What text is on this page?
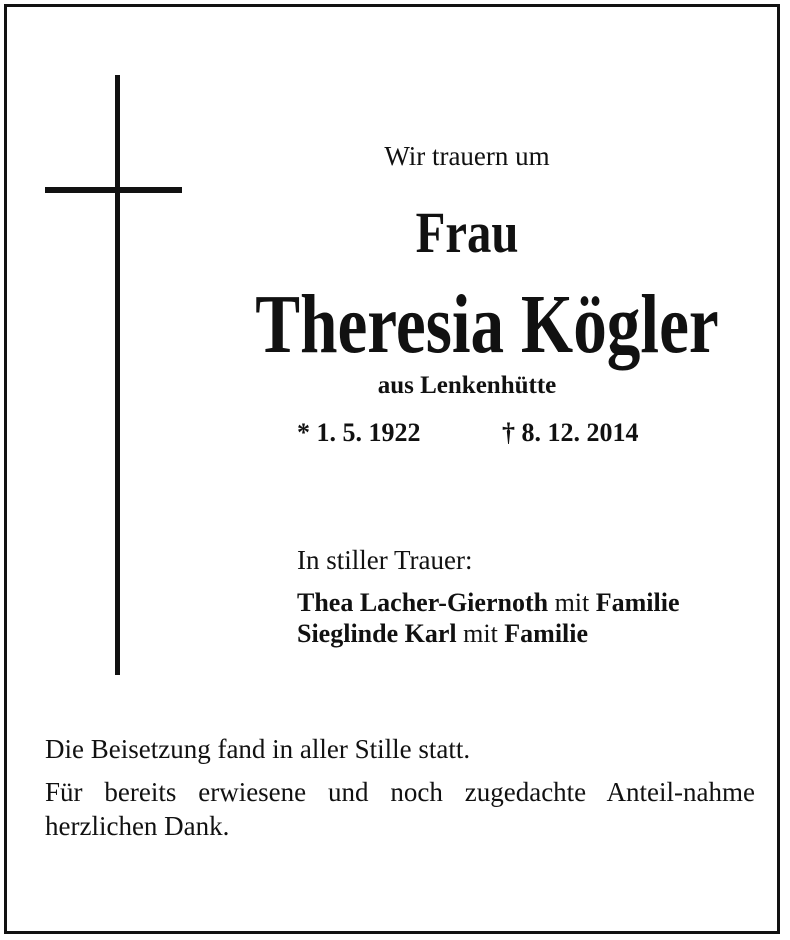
Wir trauern um
Frau
Theresia Kögler
aus Lenkenhütte
* 1. 5. 1922	† 8. 12. 2014
In stiller Trauer:
Thea Lacher-Giernoth mit Familie
Sieglinde Karl mit Familie
Die Beisetzung fand in aller Stille statt.
Für bereits erwiesene und noch zugedachte Anteil-nahme herzlichen Dank.
